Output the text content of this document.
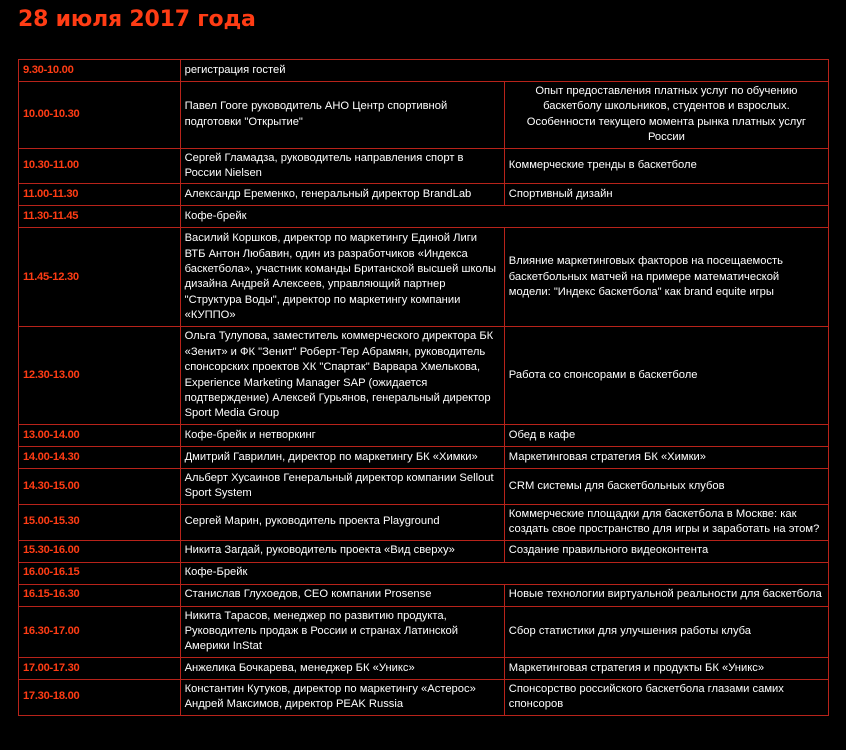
28 июля 2017 года
9.30-10.00	регистрация гостей	
10.00-10.30	Павел Гооге руководитель АНО Центр спортивной подготовки "Открытие"	Опыт предоставления платных услуг по обучению баскетболу школьников, студентов и взрослых. Особенности текущего момента рынка платных услуг России
10.30-11.00	Сергей Гламадза, руководитель направления спорт в России Nielsen	Коммерческие тренды в баскетболе
11.00-11.30	Александр Еременко, генеральный директор BrandLab	Спортивный дизайн
11.30-11.45	Кофе-брейк	
11.45-12.30	Василий Коршков, директор по маркетингу Единой Лиги ВТБ Антон Любавин, один из разработчиков «Индекса баскетбола», участник команды Британской высшей школы дизайна Андрей Алексеев, управляющий партнер "Структура Воды", директор по маркетингу компании «КУППО»	Влияние маркетинговых факторов на посещаемость баскетбольных матчей на примере математической модели: "Индекс баскетбола" как brand equite игры
12.30-13.00	Ольга Тулупова, заместитель коммерческого директора БК «Зенит» и ФК "Зенит" Роберт-Тер Абрамян, руководитель спонсорских проектов ХК "Спартак" Варвара Хмелькова, Experience Marketing Manager SAP (ожидается подтверждение) Алексей Гурьянов, генеральный директор Sport Media Group	Работа со спонсорами в баскетболе
13.00-14.00	Кофе-брейк и нетворкинг	Обед в кафе
14.00-14.30	Дмитрий Гаврилин, директор по маркетингу БК «Химки»	Маркетинговая стратегия БК «Химки»
14.30-15.00	Альберт Хусаинов Генеральный директор компании Sellout Sport System	CRM системы для баскетбольных клубов
15.00-15.30	Сергей Марин, руководитель проекта Playground	Коммерческие площадки для баскетбола в Москве: как создать свое пространство для игры и заработать на этом?
15.30-16.00	Никита Загдай, руководитель проекта «Вид сверху»	Создание правильного видеоконтента
16.00-16.15	Кофе-Брейк	
16.15-16.30	Станислав Глухоедов, CEO компании Prosense	Новые технологии виртуальной реальности для баскетбола
16.30-17.00	Никита Тарасов, менеджер по развитию продукта, Руководитель продаж в России и странах Латинской Америки InStat	Сбор статистики для улучшения работы клуба
17.00-17.30	Анжелика Бочкарева, менеджер БК «Уникс»	Маркетинговая стратегия и продукты БК «Уникс»
17.30-18.00	Константин Кутуков, директор по маркетингу «Астерос» Андрей Максимов, директор PEAK Russia	Спонсорство российского баскетбола глазами самих спонсоров
